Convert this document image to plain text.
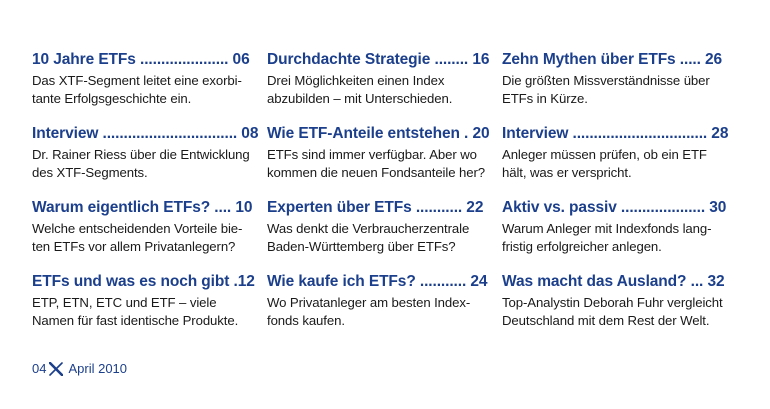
10 Jahre ETFs ..................... 06
Das XTF-Segment leitet eine exorbi-
tante Erfolgsgeschichte ein.
Durchdachte Strategie ........ 16
Drei Möglichkeiten einen Index
abzubilden – mit Unterschieden.
Zehn Mythen über ETFs ..... 26
Die größten Missverständnisse über
ETFs in Kürze.
Interview ................................ 08
Dr. Rainer Riess über die Entwicklung
des XTF-Segments.
Wie ETF-Anteile entstehen . 20
ETFs sind immer verfügbar. Aber wo
kommen die neuen Fondsanteile her?
Interview ................................ 28
Anleger müssen prüfen, ob ein ETF
hält, was er verspricht.
Warum eigentlich ETFs? .... 10
Welche entscheidenden Vorteile bie-
ten ETFs vor allem Privatanlegern?
Experten über ETFs ........... 22
Was denkt die Verbraucherzentrale
Baden-Württemberg über ETFs?
Aktiv vs. passiv .................... 30
Warum Anleger mit Indexfonds lang-
fristig erfolgreicher anlegen.
ETFs und was es noch gibt .12
ETP, ETN, ETC und ETF – viele
Namen für fast identische Produkte.
Wie kaufe ich ETFs? ........... 24
Wo Privatanleger am besten Index-
fonds kaufen.
Was macht das Ausland? ... 32
Top-Analystin Deborah Fuhr vergleicht
Deutschland mit dem Rest der Welt.
04 April 2010
